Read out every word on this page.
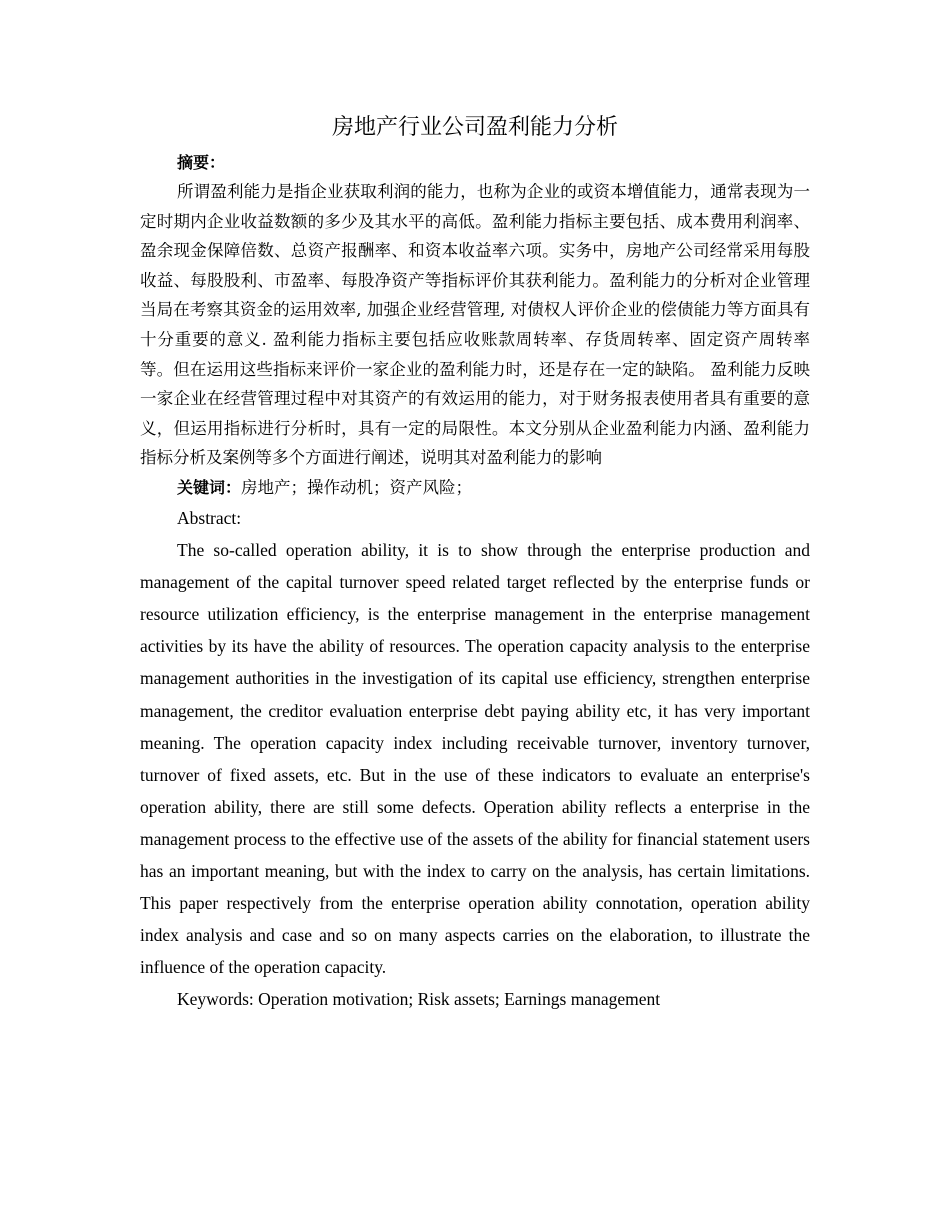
房地产行业公司盈利能力分析

摘要：

所谓盈利能力是指企业获取利润的能力，也称为企业的或资本增值能力，通常表现为一定时期内企业收益数额的多少及其水平的高低。盈利能力指标主要包括、成本费用利润率、盈余现金保障倍数、总资产报酬率、和资本收益率六项。实务中，房地产公司经常采用每股收益、每股股利、市盈率、每股净资产等指标评价其获利能力。盈利能力的分析对企业管理当局在考察其资金的运用效率, 加强企业经营管理, 对债权人评价企业的偿债能力等方面具有十分重要的意义. 盈利能力指标主要包括应收账款周转率、存货周转率、固定资产周转率等。但在运用这些指标来评价一家企业的盈利能力时，还是存在一定的缺陷。 盈利能力反映一家企业在经营管理过程中对其资产的有效运用的能力，对于财务报表使用者具有重要的意义，但运用指标进行分析时，具有一定的局限性。本文分别从企业盈利能力内涵、盈利能力指标分析及案例等多个方面进行阐述，说明其对盈利能力的影响

关键词：房地产；操作动机；资产风险；

Abstract:

The so-called operation ability, it is to show through the enterprise production and management of the capital turnover speed related target reflected by the enterprise funds or resource utilization efficiency, is the enterprise management in the enterprise management activities by its have the ability of resources. The operation capacity analysis to the enterprise management authorities in the investigation of its capital use efficiency, strengthen enterprise management, the creditor evaluation enterprise debt paying ability etc, it has very important meaning. The operation capacity index including receivable turnover, inventory turnover, turnover of fixed assets, etc. But in the use of these indicators to evaluate an enterprise's operation ability, there are still some defects. Operation ability reflects a enterprise in the management process to the effective use of the assets of the ability for financial statement users has an important meaning, but with the index to carry on the analysis, has certain limitations. This paper respectively from the enterprise operation ability connotation, operation ability index analysis and case and so on many aspects carries on the elaboration, to illustrate the influence of the operation capacity.

Keywords: Operation motivation; Risk assets; Earnings management
